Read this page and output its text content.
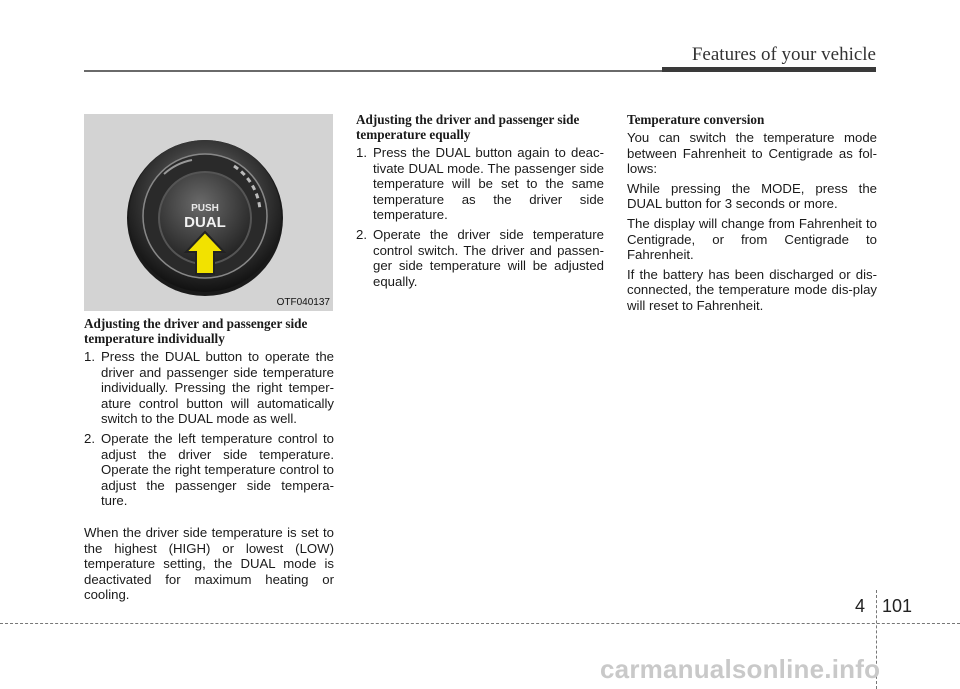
Features of your vehicle
PUSH
DUAL
OTF040137
Adjusting the driver and passenger side temperature individually
1. Press the DUAL button to operate the driver and passenger side temperature individually. Pressing the right temper-ature control button will automatically switch to the DUAL mode as well.
2. Operate the left temperature control to adjust the driver side temperature. Operate the right temperature control to adjust the passenger side tempera-ture.

When the driver side temperature is set to the highest (HIGH) or lowest (LOW) temperature setting, the DUAL mode is deactivated for maximum heating or cooling.

Adjusting the driver and passenger side temperature equally
1. Press the DUAL button again to deac-tivate DUAL mode. The passenger side temperature will be set to the same temperature as the driver side temperature.
2. Operate the driver side temperature control switch. The driver and passen-ger side temperature will be adjusted equally.
Temperature conversion

You can switch the temperature mode between Fahrenheit to Centigrade as fol-lows:

While pressing the MODE, press the DUAL button for 3 seconds or more.

The display will change from Fahrenheit to Centigrade, or from Centigrade to Fahrenheit.

If the battery has been discharged or dis-connected, the temperature mode dis-play will reset to Fahrenheit.

4 101
carmanualsonline.info
